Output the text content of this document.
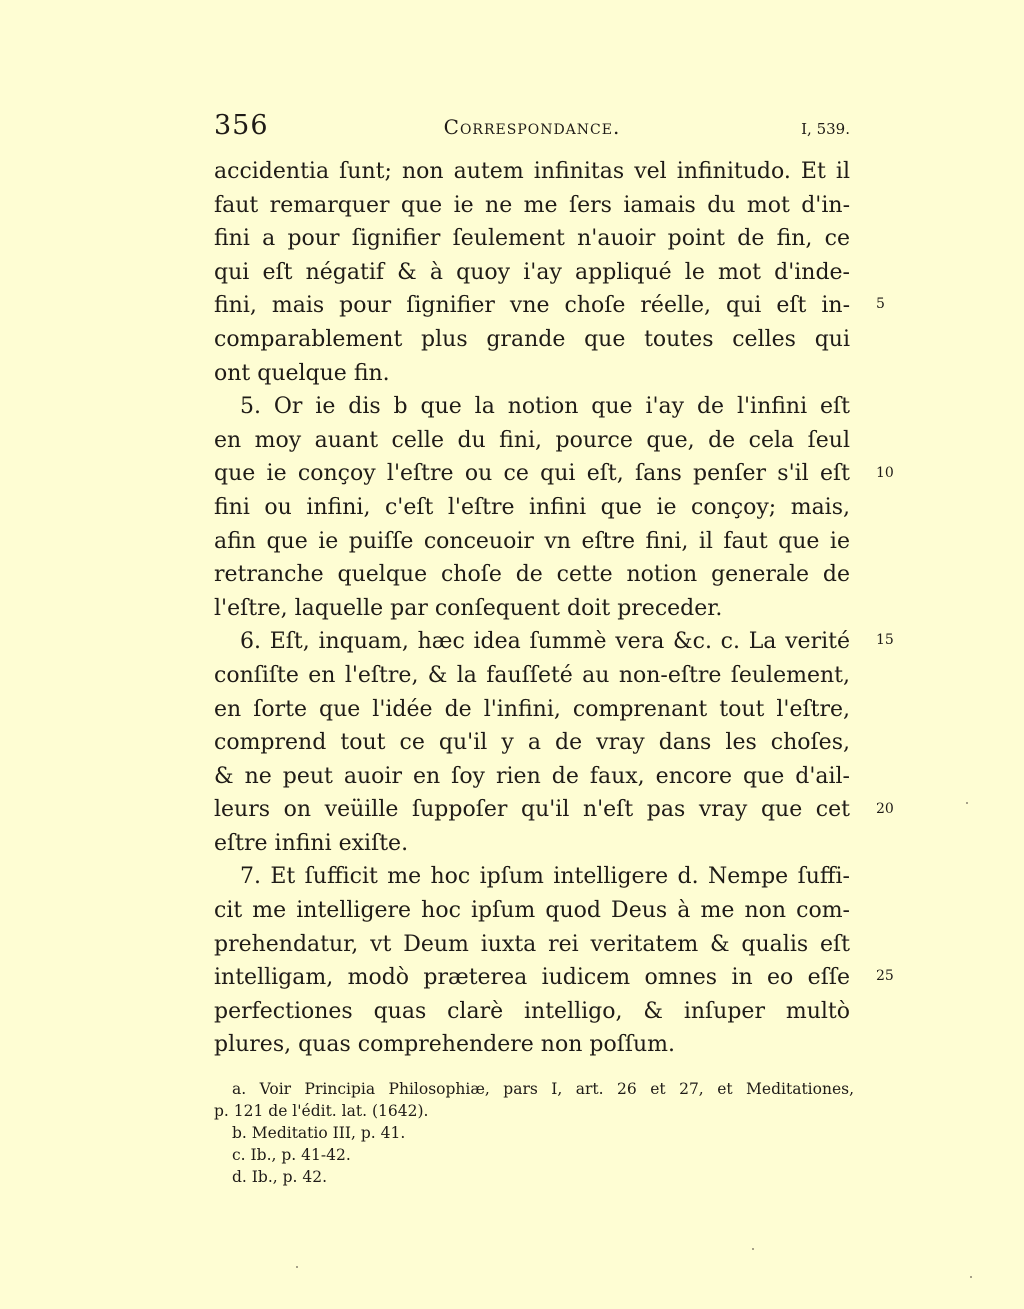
356	Correspondance.	I, 539.
accidentia ſunt; non autem infinitas vel infinitudo. Et il
faut remarquer que ie ne me ſers iamais du mot d'in-
fini a pour ſignifier ſeulement n'auoir point de fin, ce
qui eſt négatif & à quoy i'ay appliqué le mot d'inde-
fini, mais pour ſignifier vne choſe réelle, qui eſt in-
comparablement plus grande que toutes celles qui
ont quelque fin.
5. Or ie dis b que la notion que i'ay de l'infini eſt
en moy auant celle du fini, pource que, de cela ſeul
que ie conçoy l'eſtre ou ce qui eſt, ſans penſer s'il eſt
fini ou infini, c'eſt l'eſtre infini que ie conçoy; mais,
afin que ie puiſſe conceuoir vn eſtre fini, il faut que ie
retranche quelque choſe de cette notion generale de
l'eſtre, laquelle par conſequent doit preceder.
6. Eſt, inquam, hæc idea ſummè vera &c. c. La verité
conſiſte en l'eſtre, & la fauſſeté au non-eſtre ſeulement,
en ſorte que l'idée de l'infini, comprenant tout l'eſtre,
comprend tout ce qu'il y a de vray dans les choſes,
& ne peut auoir en ſoy rien de faux, encore que d'ail-
leurs on veüille ſuppoſer qu'il n'eſt pas vray que cet
eſtre infini exiſte.
7. Et ſufficit me hoc ipſum intelligere d. Nempe ſuffi-
cit me intelligere hoc ipſum quod Deus à me non com-
prehendatur, vt Deum iuxta rei veritatem & qualis eſt
intelligam, modò præterea iudicem omnes in eo eſſe
perfectiones quas clarè intelligo, & inſuper multò
plures, quas comprehendere non poſſum.
5
10
15
20
25
a. Voir Principia Philosophiæ, pars I, art. 26 et 27, et Meditationes,
p. 121 de l'édit. lat. (1642).
b. Meditatio III, p. 41.
c. Ib., p. 41-42.
d. Ib., p. 42.
